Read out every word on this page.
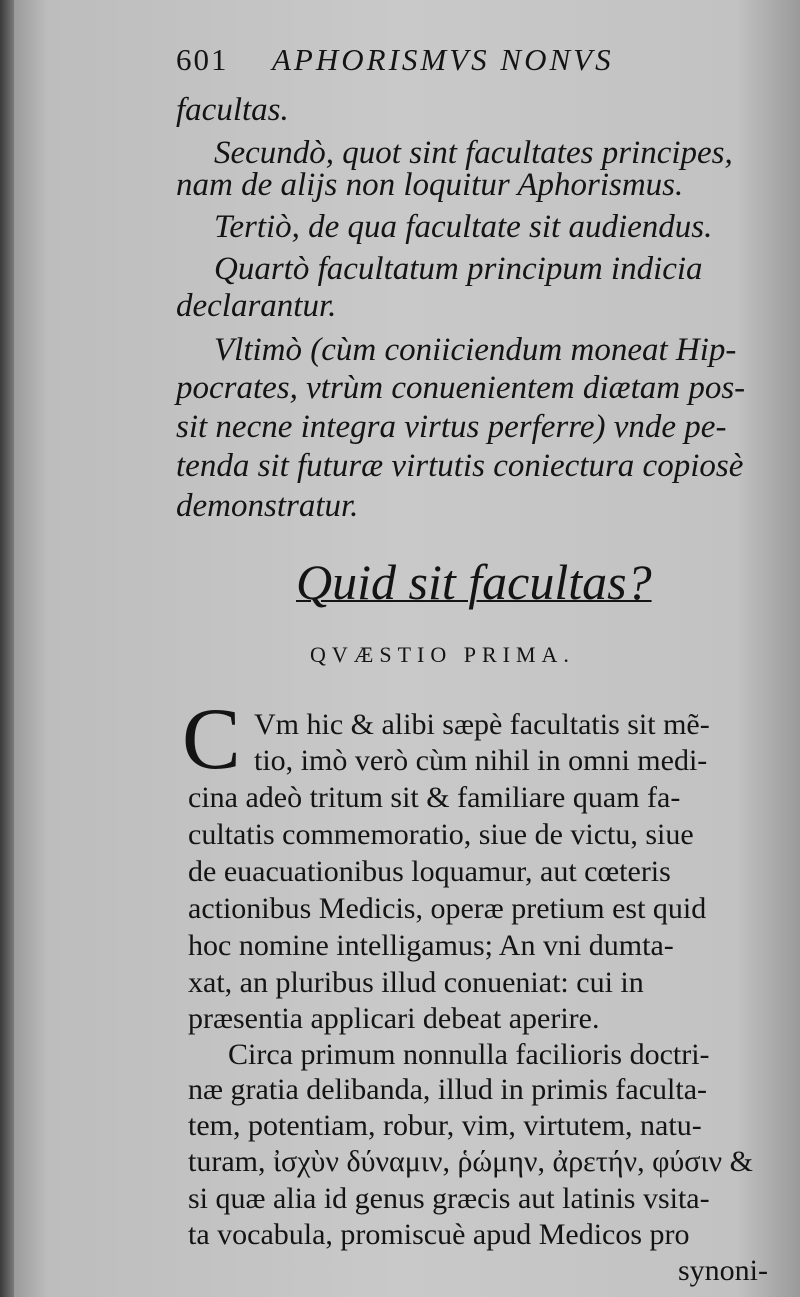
601 APHORISMVS NONVS
facultas.
Secundò, quot sint facultates principes,
nam de alijs non loquitur Aphorismus.
Tertiò, de qua facultate sit audiendus.
Quartò facultatum principum indicia
declarantur.
Vltimò (cùm coniiciendum moneat Hip-
pocrates, vtrùm conuenientem diætam pos-
sit necne integra virtus perferre) vnde pe-
tenda sit futuræ virtutis coniectura copiosè
demonstratur.
Quid sit facultas?
QVÆSTIO PRIMA.
C Vm hic & alibi sæpè facultatis sit mẽ-
tio, imò verò cùm nihil in omni medi-
cina adeò tritum sit & familiare quam fa-
cultatis commemoratio, siue de victu, siue
de euacuationibus loquamur, aut cœteris
actionibus Medicis, operæ pretium est quid
hoc nomine intelligamus; An vni dumta-
xat, an pluribus illud conueniat: cui in
præsentia applicari debeat aperire.
Circa primum nonnulla facilioris doctri-
næ gratia delibanda, illud in primis faculta-
tem, potentiam, robur, vim, virtutem, natu-
turam, ἰσχὺν δύναμιν, ῥώμην, ἀρετήν, φύσιν &
si quæ alia id genus græcis aut latinis vsita-
ta vocabula, promiscuè apud Medicos pro
synoni-
